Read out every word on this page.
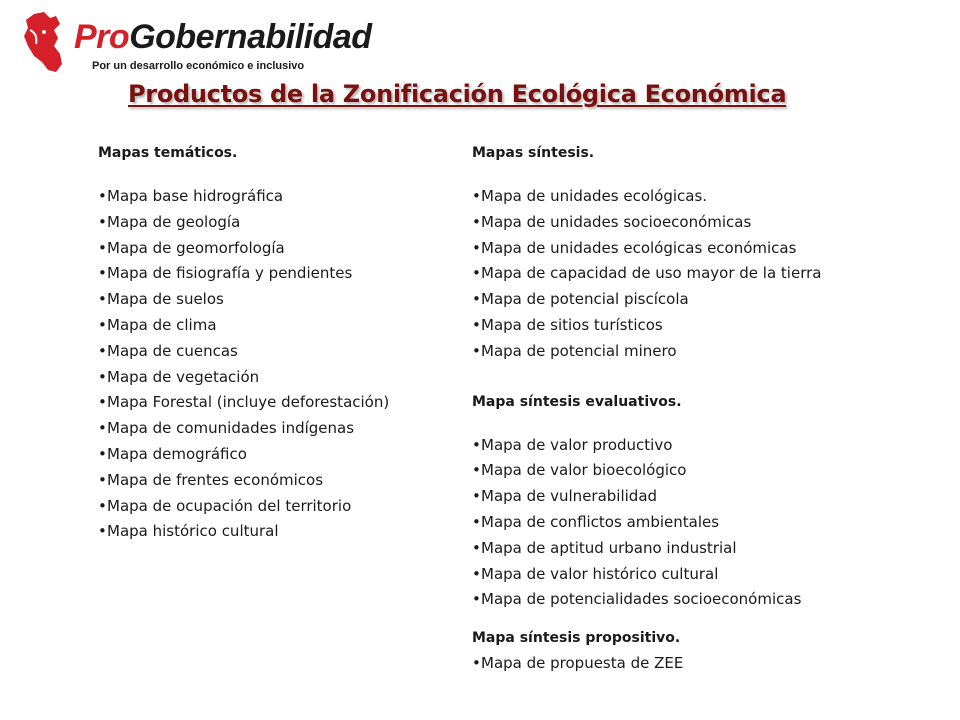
ProGobernabilidad
Por un desarrollo económico e inclusivo
Productos de la Zonificación Ecológica Económica

Mapas temáticos.

•Mapa base hidrográfica
•Mapa de geología
•Mapa de geomorfología
•Mapa de fisiografía y pendientes
•Mapa de suelos
•Mapa de clima
•Mapa de cuencas
•Mapa de vegetación
•Mapa Forestal (incluye deforestación)
•Mapa de comunidades indígenas
•Mapa demográfico
•Mapa de frentes económicos
•Mapa de ocupación del territorio
•Mapa histórico cultural

Mapas síntesis.

•Mapa de unidades ecológicas.
•Mapa de unidades socioeconómicas
•Mapa de unidades ecológicas económicas
•Mapa de capacidad de uso mayor de la tierra
•Mapa de potencial piscícola
•Mapa de sitios turísticos
•Mapa de potencial minero

Mapa síntesis evaluativos.

•Mapa de valor productivo
•Mapa de valor bioecológico
•Mapa de vulnerabilidad
•Mapa de conflictos ambientales
•Mapa de aptitud urbano industrial
•Mapa de valor histórico cultural
•Mapa de potencialidades socioeconómicas

Mapa síntesis propositivo.

•Mapa de propuesta de ZEE
